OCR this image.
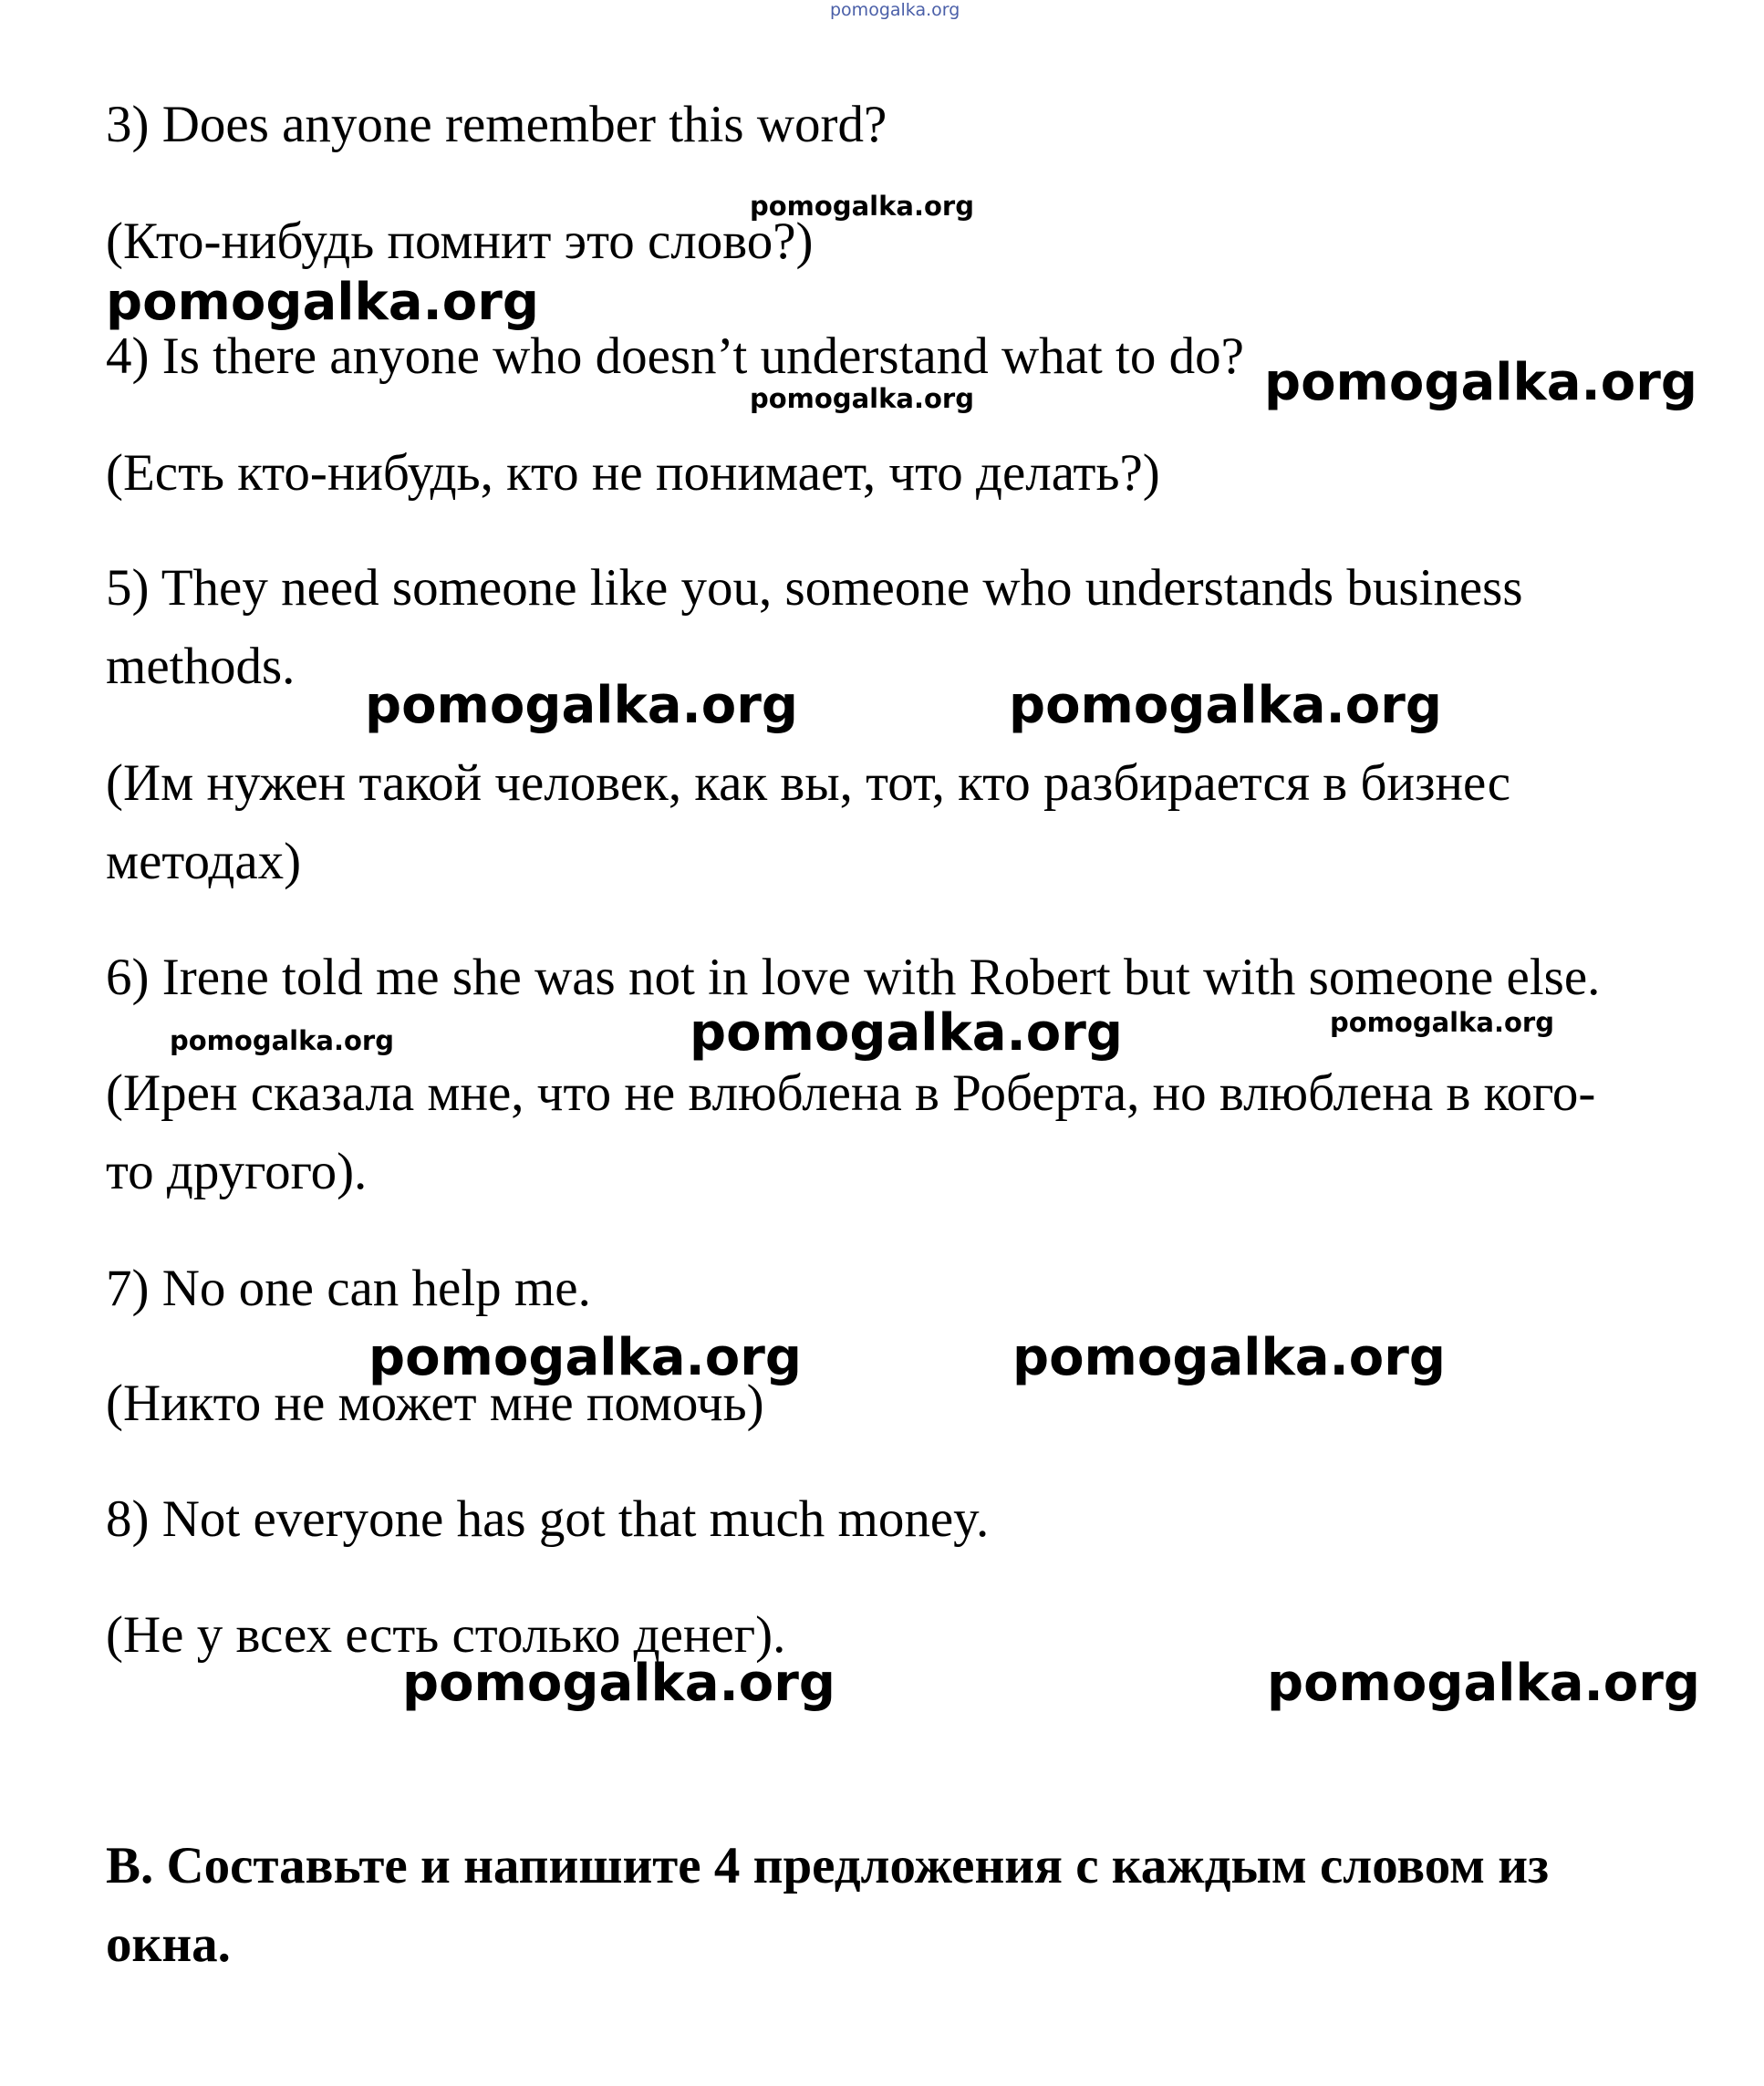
pomogalka.org
pomogalka.org
pomogalka.org
pomogalka.org	pomogalka.org
pomogalka.org	pomogalka.org
pomogalka.org	pomogalka.org	pomogalka.org
pomogalka.org	pomogalka.org
pomogalka.org	pomogalka.org
3) Does anyone remember this word?
(Кто-нибудь помнит это слово?)
4) Is there anyone who doesn’t understand what to do?
(Есть кто-нибудь, кто не понимает, что делать?)
5) They need someone like you, someone who understands business
methods.
(Им нужен такой человек, как вы, тот, кто разбирается в бизнес
методах)
6) Irene told me she was not in love with Robert but with someone else.
(Ирен сказала мне, что не влюблена в Роберта, но влюблена в кого-
то другого).
7) No one can help me.
(Никто не может мне помочь)
8) Not everyone has got that much money.
(Не у всех есть столько денег).
B. Составьте и напишите 4 предложения с каждым словом из
окна.
